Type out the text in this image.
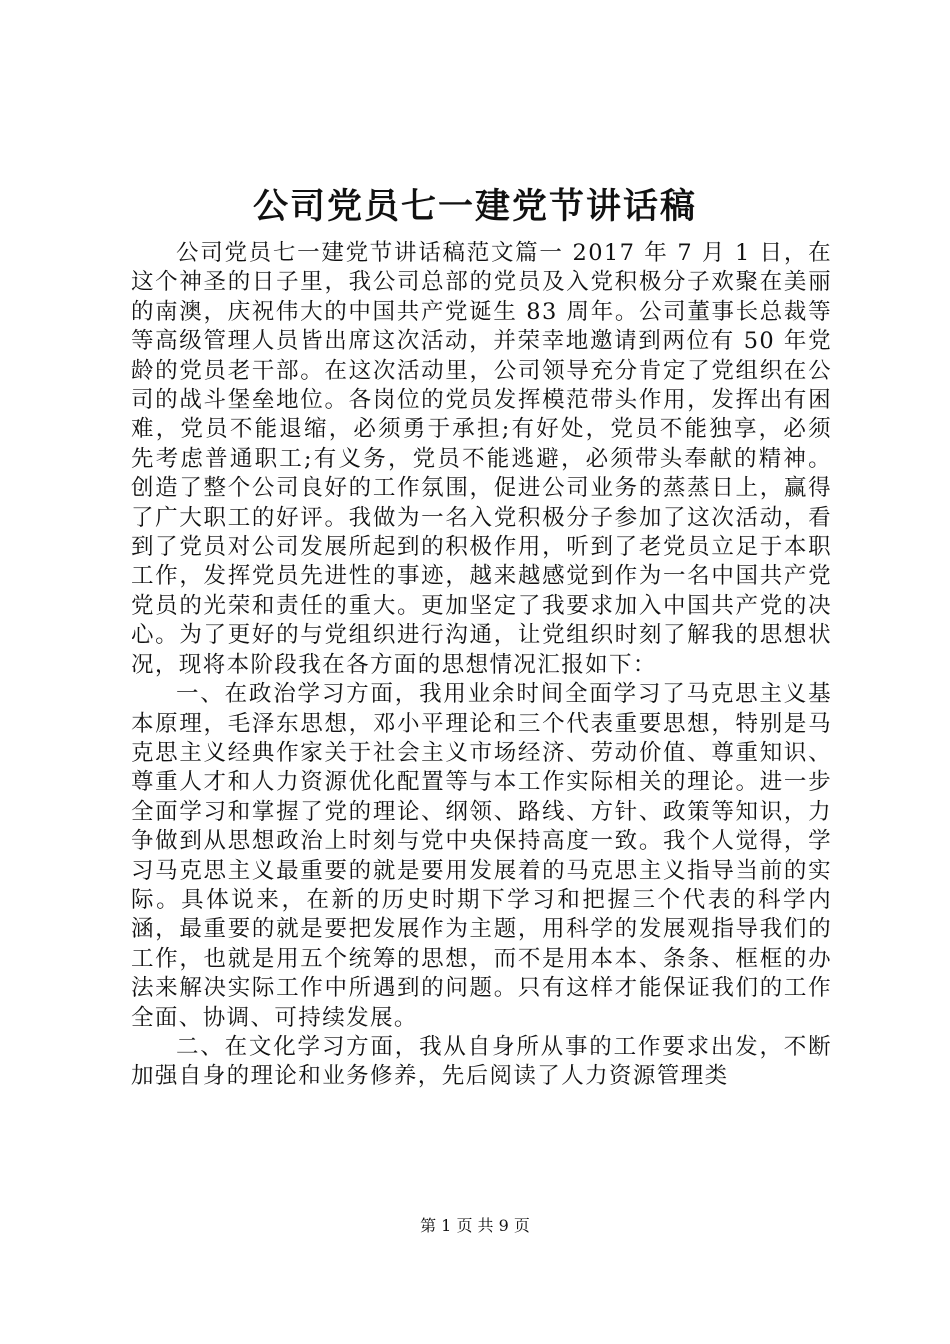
公司党员七一建党节讲话稿

公司党员七一建党节讲话稿范文篇一 2017 年 7 月 1 日，在这个神圣的日子里，我公司总部的党员及入党积极分子欢聚在美丽的南澳，庆祝伟大的中国共产党诞生 83 周年。公司董事长总裁等等高级管理人员皆出席这次活动，并荣幸地邀请到两位有 50 年党龄的党员老干部。在这次活动里，公司领导充分肯定了党组织在公司的战斗堡垒地位。各岗位的党员发挥模范带头作用，发挥出有困难，党员不能退缩，必须勇于承担;有好处，党员不能独享，必须先考虑普通职工;有义务，党员不能逃避，必须带头奉献的精神。创造了整个公司良好的工作氛围，促进公司业务的蒸蒸日上，赢得了广大职工的好评。我做为一名入党积极分子参加了这次活动，看到了党员对公司发展所起到的积极作用，听到了老党员立足于本职工作，发挥党员先进性的事迹，越来越感觉到作为一名中国共产党党员的光荣和责任的重大。更加坚定了我要求加入中国共产党的决心。为了更好的与党组织进行沟通，让党组织时刻了解我的思想状况，现将本阶段我在各方面的思想情况汇报如下：

一、在政治学习方面，我用业余时间全面学习了马克思主义基本原理，毛泽东思想，邓小平理论和三个代表重要思想，特别是马克思主义经典作家关于社会主义市场经济、劳动价值、尊重知识、尊重人才和人力资源优化配置等与本工作实际相关的理论。进一步全面学习和掌握了党的理论、纲领、路线、方针、政策等知识，力争做到从思想政治上时刻与党中央保持高度一致。我个人觉得，学习马克思主义最重要的就是要用发展着的马克思主义指导当前的实际。具体说来，在新的历史时期下学习和把握三个代表的科学内涵，最重要的就是要把发展作为主题，用科学的发展观指导我们的工作，也就是用五个统筹的思想，而不是用本本、条条、框框的办法来解决实际工作中所遇到的问题。只有这样才能保证我们的工作全面、协调、可持续发展。

二、在文化学习方面，我从自身所从事的工作要求出发，不断加强自身的理论和业务修养，先后阅读了人力资源管理类

第 1 页 共 9 页
